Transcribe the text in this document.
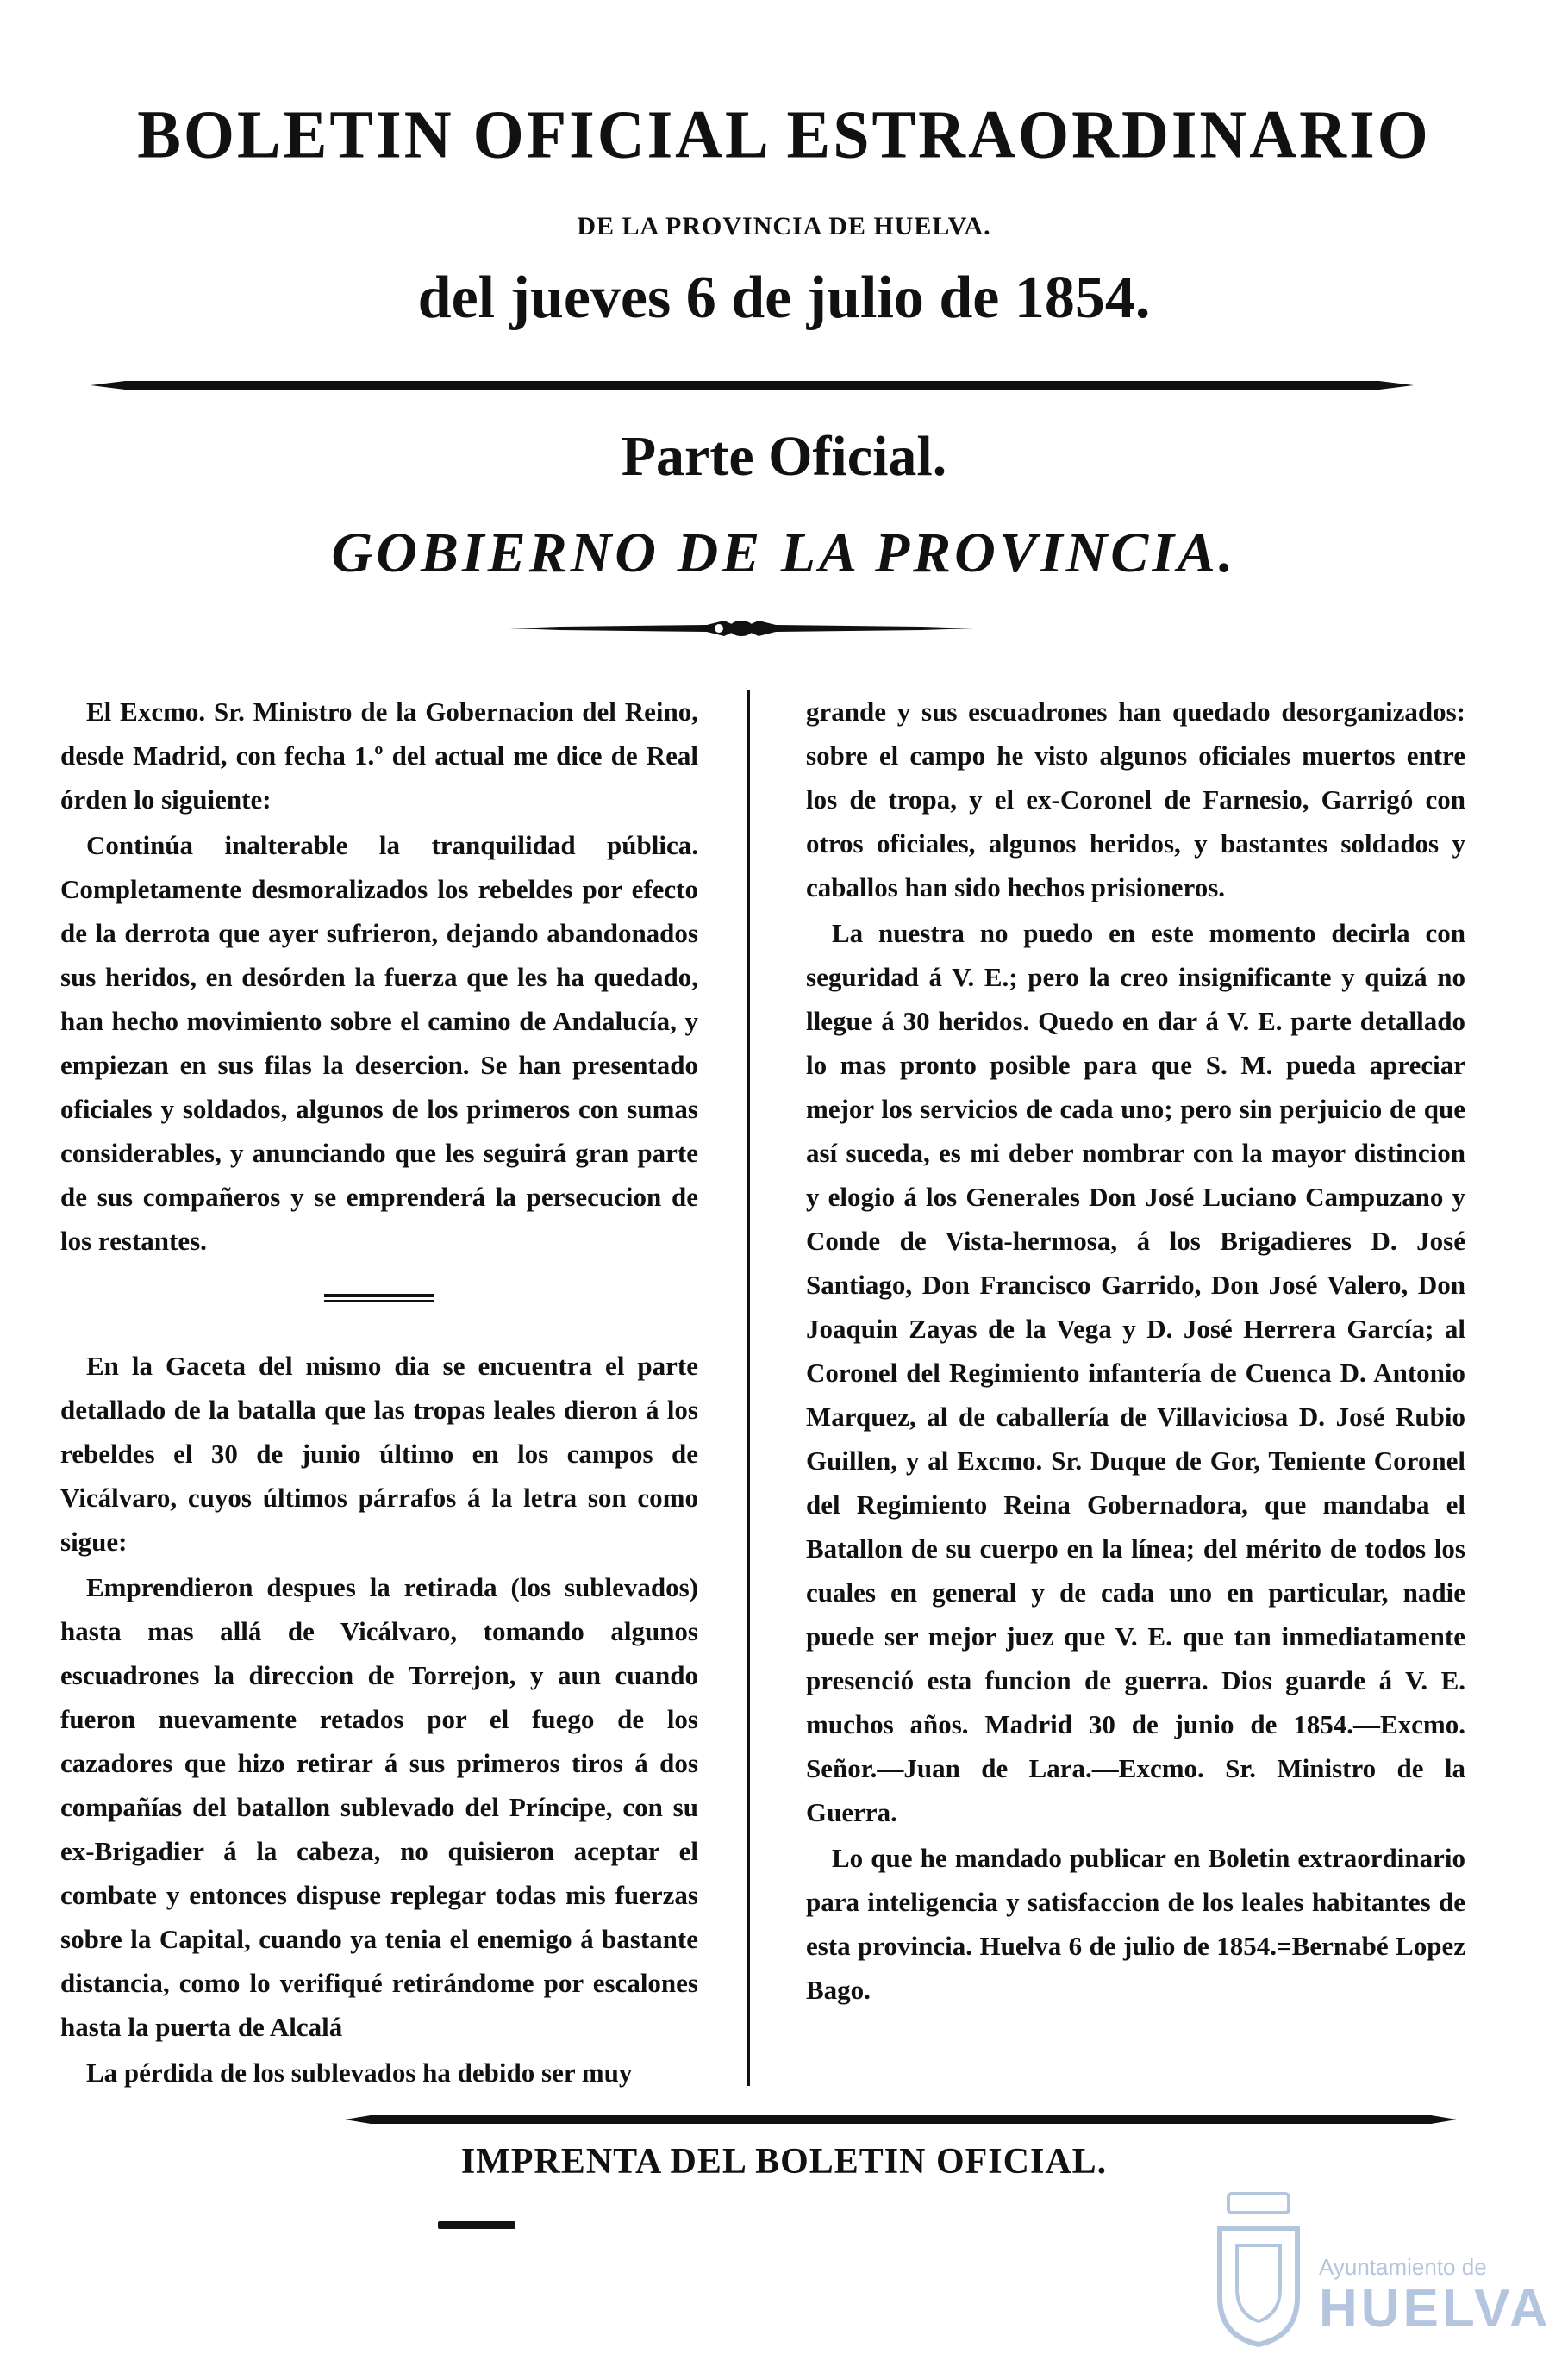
BOLETIN OFICIAL ESTRAORDINARIO
DE LA PROVINCIA DE HUELVA.
del jueves 6 de julio de 1854.
Parte Oficial.
GOBIERNO DE LA PROVINCIA.

El Excmo. Sr. Ministro de la Gobernacion del Reino, desde Madrid, con fecha 1.º del actual me dice de Real órden lo siguiente:

Continúa inalterable la tranquilidad pública. Completamente desmoralizados los rebeldes por efecto de la derrota que ayer sufrieron, dejando abandonados sus heridos, en desórden la fuerza que les ha quedado, han hecho movimiento sobre el camino de Andalucía, y empiezan en sus filas la desercion. Se han presentado oficiales y soldados, algunos de los primeros con sumas considerables, y anunciando que les seguirá gran parte de sus compañeros y se emprenderá la persecucion de los restantes.

En la Gaceta del mismo dia se encuentra el parte detallado de la batalla que las tropas leales dieron á los rebeldes el 30 de junio último en los campos de Vicálvaro, cuyos últimos párrafos á la letra son como sigue:

Emprendieron despues la retirada (los sublevados) hasta mas allá de Vicálvaro, tomando algunos escuadrones la direccion de Torrejon, y aun cuando fueron nuevamente retados por el fuego de los cazadores que hizo retirar á sus primeros tiros á dos compañías del batallon sublevado del Príncipe, con su ex-Brigadier á la cabeza, no quisieron aceptar el combate y entonces dispuse replegar todas mis fuerzas sobre la Capital, cuando ya tenia el enemigo á bastante distancia, como lo verifiqué retirándome por escalones hasta la puerta de Alcalá

La pérdida de los sublevados ha debido ser muy

grande y sus escuadrones han quedado desorganizados: sobre el campo he visto algunos oficiales muertos entre los de tropa, y el ex-Coronel de Farnesio, Garrigó con otros oficiales, algunos heridos, y bastantes soldados y caballos han sido hechos prisioneros.

La nuestra no puedo en este momento decirla con seguridad á V. E.; pero la creo insignificante y quizá no llegue á 30 heridos. Quedo en dar á V. E. parte detallado lo mas pronto posible para que S. M. pueda apreciar mejor los servicios de cada uno; pero sin perjuicio de que así suceda, es mi deber nombrar con la mayor distincion y elogio á los Generales Don José Luciano Campuzano y Conde de Vista-hermosa, á los Brigadieres D. José Santiago, Don Francisco Garrido, Don José Valero, Don Joaquin Zayas de la Vega y D. José Herrera García; al Coronel del Regimiento infantería de Cuenca D. Antonio Marquez, al de caballería de Villaviciosa D. José Rubio Guillen, y al Excmo. Sr. Duque de Gor, Teniente Coronel del Regimiento Reina Gobernadora, que mandaba el Batallon de su cuerpo en la línea; del mérito de todos los cuales en general y de cada uno en particular, nadie puede ser mejor juez que V. E. que tan inmediatamente presenció esta funcion de guerra. Dios guarde á V. E. muchos años. Madrid 30 de junio de 1854.—Excmo. Señor.—Juan de Lara.—Excmo. Sr. Ministro de la Guerra.

Lo que he mandado publicar en Boletin extraordinario para inteligencia y satisfaccion de los leales habitantes de esta provincia. Huelva 6 de julio de 1854.=Bernabé Lopez Bago.

IMPRENTA DEL BOLETIN OFICIAL.
Ayuntamiento de
HUELVA
